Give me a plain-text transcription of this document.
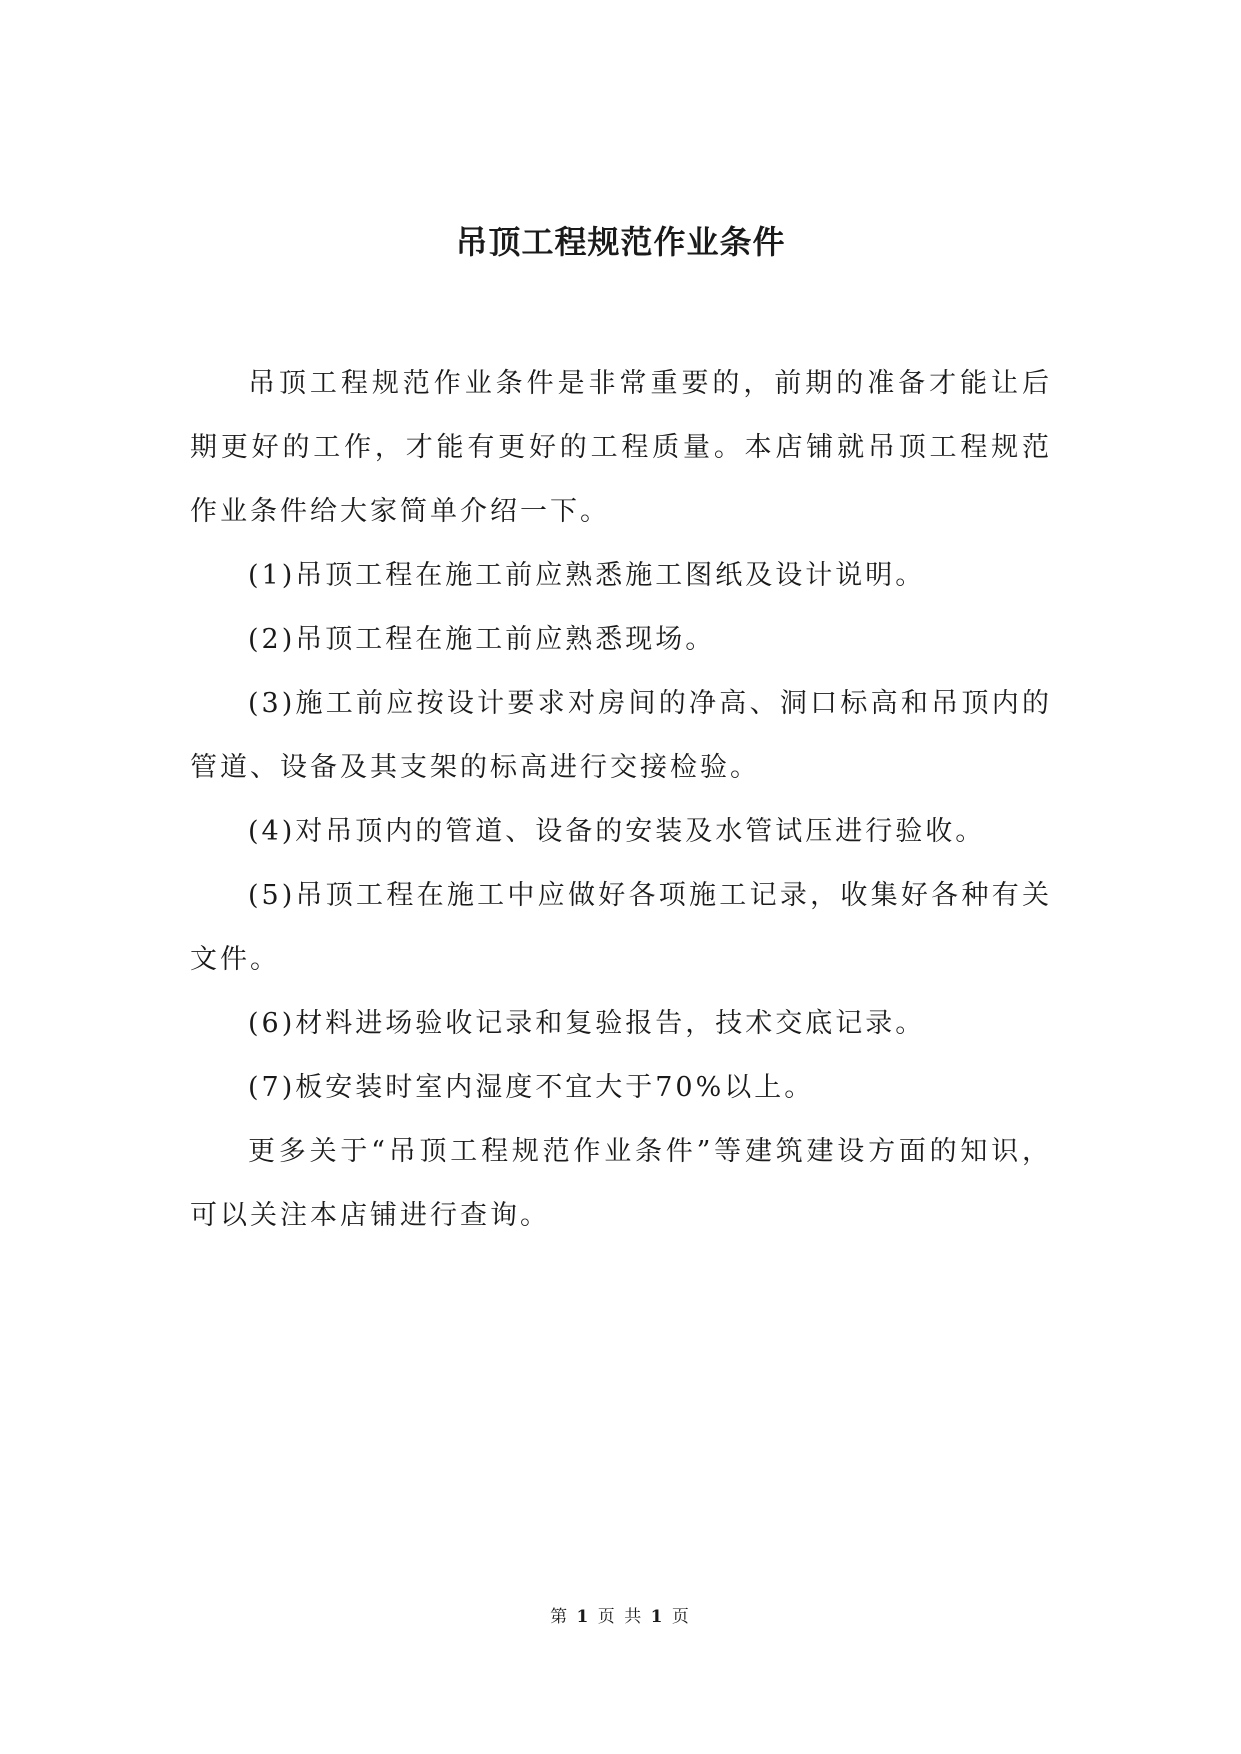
吊顶工程规范作业条件

吊顶工程规范作业条件是非常重要的，前期的准备才能让后期更好的工作，才能有更好的工程质量。本店铺就吊顶工程规范作业条件给大家简单介绍一下。

(1)吊顶工程在施工前应熟悉施工图纸及设计说明。

(2)吊顶工程在施工前应熟悉现场。

(3)施工前应按设计要求对房间的净高、洞口标高和吊顶内的管道、设备及其支架的标高进行交接检验。

(4)对吊顶内的管道、设备的安装及水管试压进行验收。

(5)吊顶工程在施工中应做好各项施工记录，收集好各种有关文件。

(6)材料进场验收记录和复验报告，技术交底记录。

(7)板安装时室内湿度不宜大于70%以上。

更多关于“吊顶工程规范作业条件”等建筑建设方面的知识，可以关注本店铺进行查询。

第 1 页 共 1 页
